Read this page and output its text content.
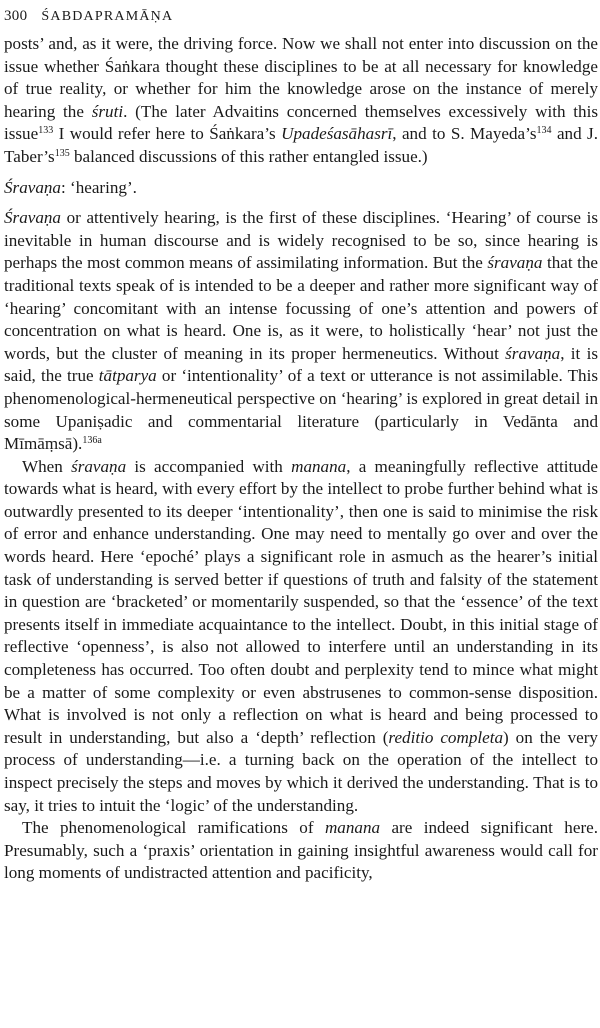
300 ŚABDAPRAMĀṆA

posts’ and, as it were, the driving force. Now we shall not enter into discussion on the issue whether Śaṅkara thought these disciplines to be at all necessary for knowledge of true reality, or whether for him the knowledge arose on the instance of merely hearing the śruti. (The later Advaitins concerned themselves excessively with this issue$^{133}$ I would refer here to Śaṅkara’s Upadeśasāhasrī, and to S. $Mayeda’s^{134}$ and J. $Taber’s^{135}$ balanced discussions of this rather entangled issue.)

Śravaṇa: ‘hearing’.

Śravaṇa or attentively hearing, is the first of these disciplines. ‘Hearing’ of course is inevitable in human discourse and is widely recognised to be so, since hearing is perhaps the most common means of assimilating information. But the śravaṇa that the traditional texts speak of is intended to be a deeper and rather more significant way of ‘hearing’ concomitant with an intense focussing of one’s attention and powers of concentration on what is heard. One is, as it were, to holistically ‘hear’ not just the words, but the cluster of meaning in its proper hermeneutics. Without śravaṇa, it is said, the true tātparya or ‘intentionality’ of a text or utterance is not assimilable. This phenomenological-hermeneutical perspective on ‘hearing’ is explored in great detail in some Upaniṣadic and commentarial literature (particularly in Vedānta and Mīmāṃsā).$^{136a}$

When śravaṇa is accompanied with manana, a meaningfully reflective attitude towards what is heard, with every effort by the intellect to probe further behind what is outwardly presented to its deeper ‘intentionality’, then one is said to minimise the risk of error and enhance understanding. One may need to mentally go over and over the words heard. Here ‘epoché’ plays a significant role in asmuch as the hearer’s initial task of understanding is served better if questions of truth and falsity of the statement in question are ‘bracketed’ or momentarily suspended, so that the ‘essence’ of the text presents itself in immediate acquaintance to the intellect. Doubt, in this initial stage of reflective ‘openness’, is also not allowed to interfere until an understanding in its completeness has occurred. Too often doubt and perplexity tend to mince what might be a matter of some complexity or even abstrusenes to common-sense disposition. What is involved is not only a reflection on what is heard and being processed to result in understanding, but also a ‘depth’ reflection (reditio completa) on the very process of understanding—i.e. a turning back on the operation of the intellect to inspect precisely the steps and moves by which it derived the understanding. That is to say, it tries to intuit the ‘logic’ of the understanding.

The phenomenological ramifications of manana are indeed significant here. Presumably, such a ‘praxis’ orientation in gaining insightful awareness would call for long moments of undistracted attention and pacificity,
